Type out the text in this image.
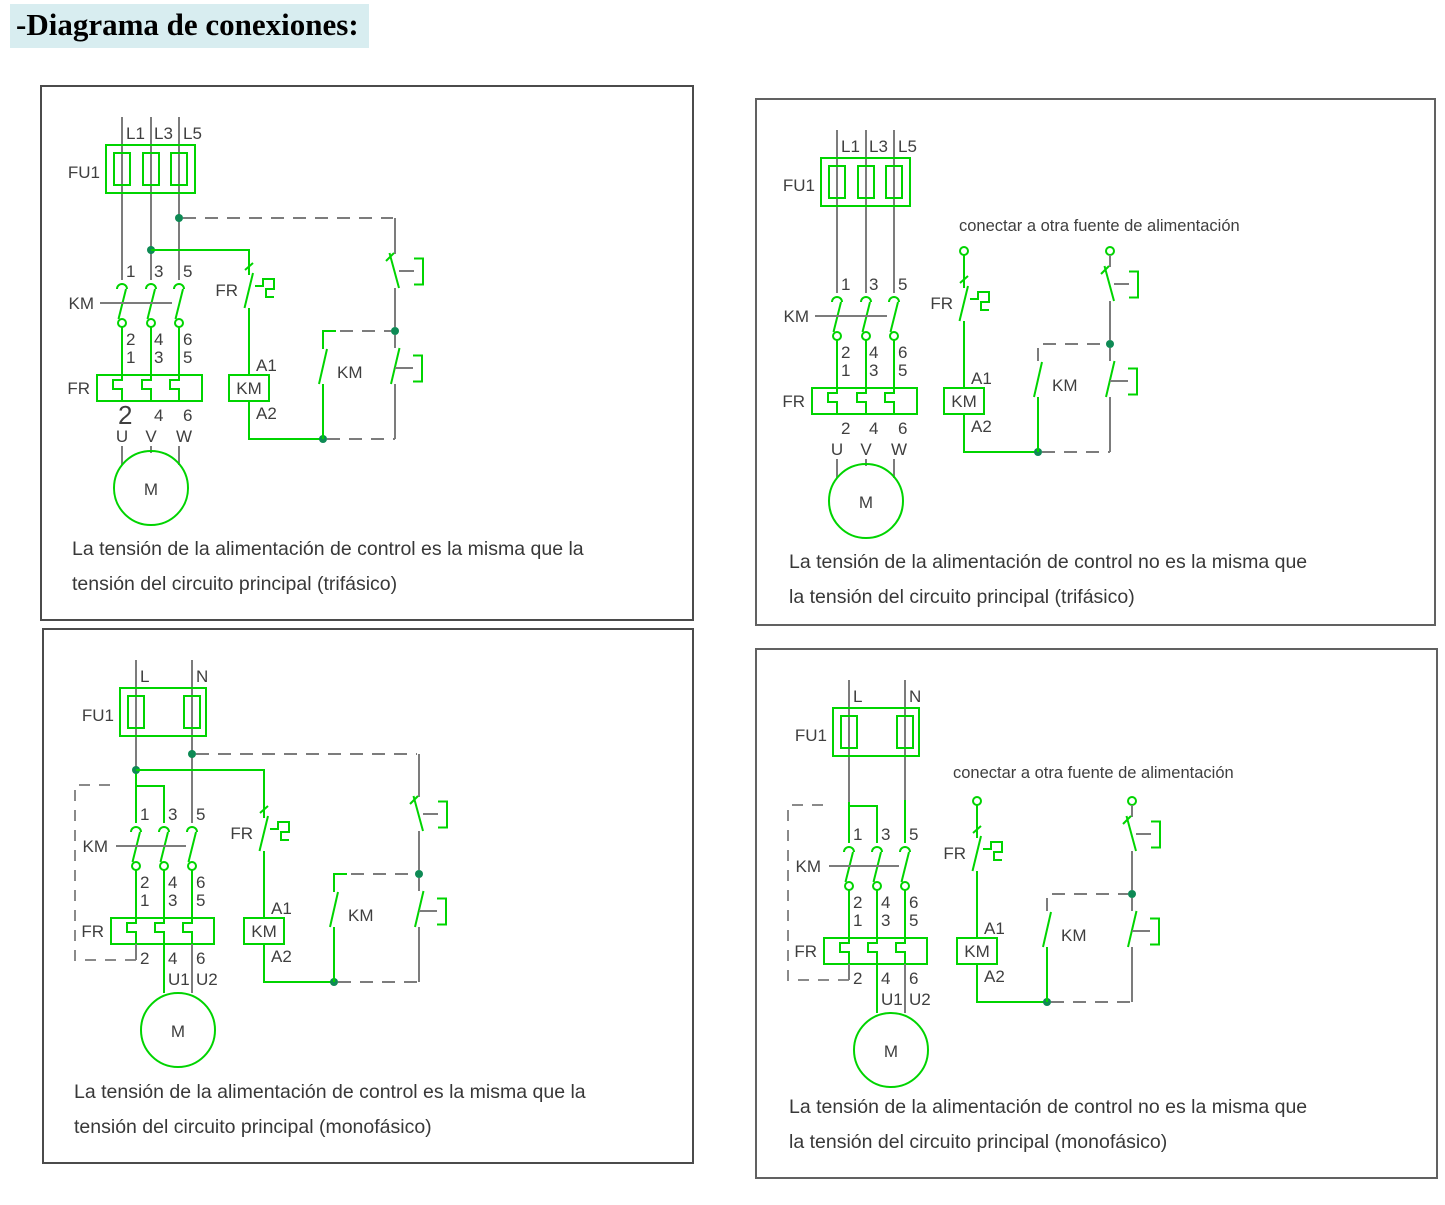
-Diagrama de conexiones:
L1 L3 L5
FU1
1 3 5
2 4 6
KM
1 3 5
2 4 6
FR
U V W
M
FR
A1
KM
A2
KM
La tensión de la alimentación de control es la misma que la
tensión del circuito principal (trifásico)
L1 L3 L5
FU1
conectar a otra fuente de alimentación
1 3 5
2 4 6
KM
1 3 5
2 4 6
FR
U V W
M
FR
A1
KM
A2
KM
La tensión de la alimentación de control no es la misma que
la tensión del circuito principal (trifásico)
L	N
FU1
1 3 5
2 4 6
KM
1 3 5
2 4 6
FR
U1 U2
M
FR
A1
KM
A2
KM
La tensión de la alimentación de control es la misma que la
tensión del circuito principal (monofásico)
L	N
FU1
conectar a otra fuente de alimentación
1 3 5
2 4 6
KM
1 3 5
2 4 6
FR
U1 U2
M
FR
A1
KM
A2
KM
La tensión de la alimentación de control no es la misma que
la tensión del circuito principal (monofásico)
